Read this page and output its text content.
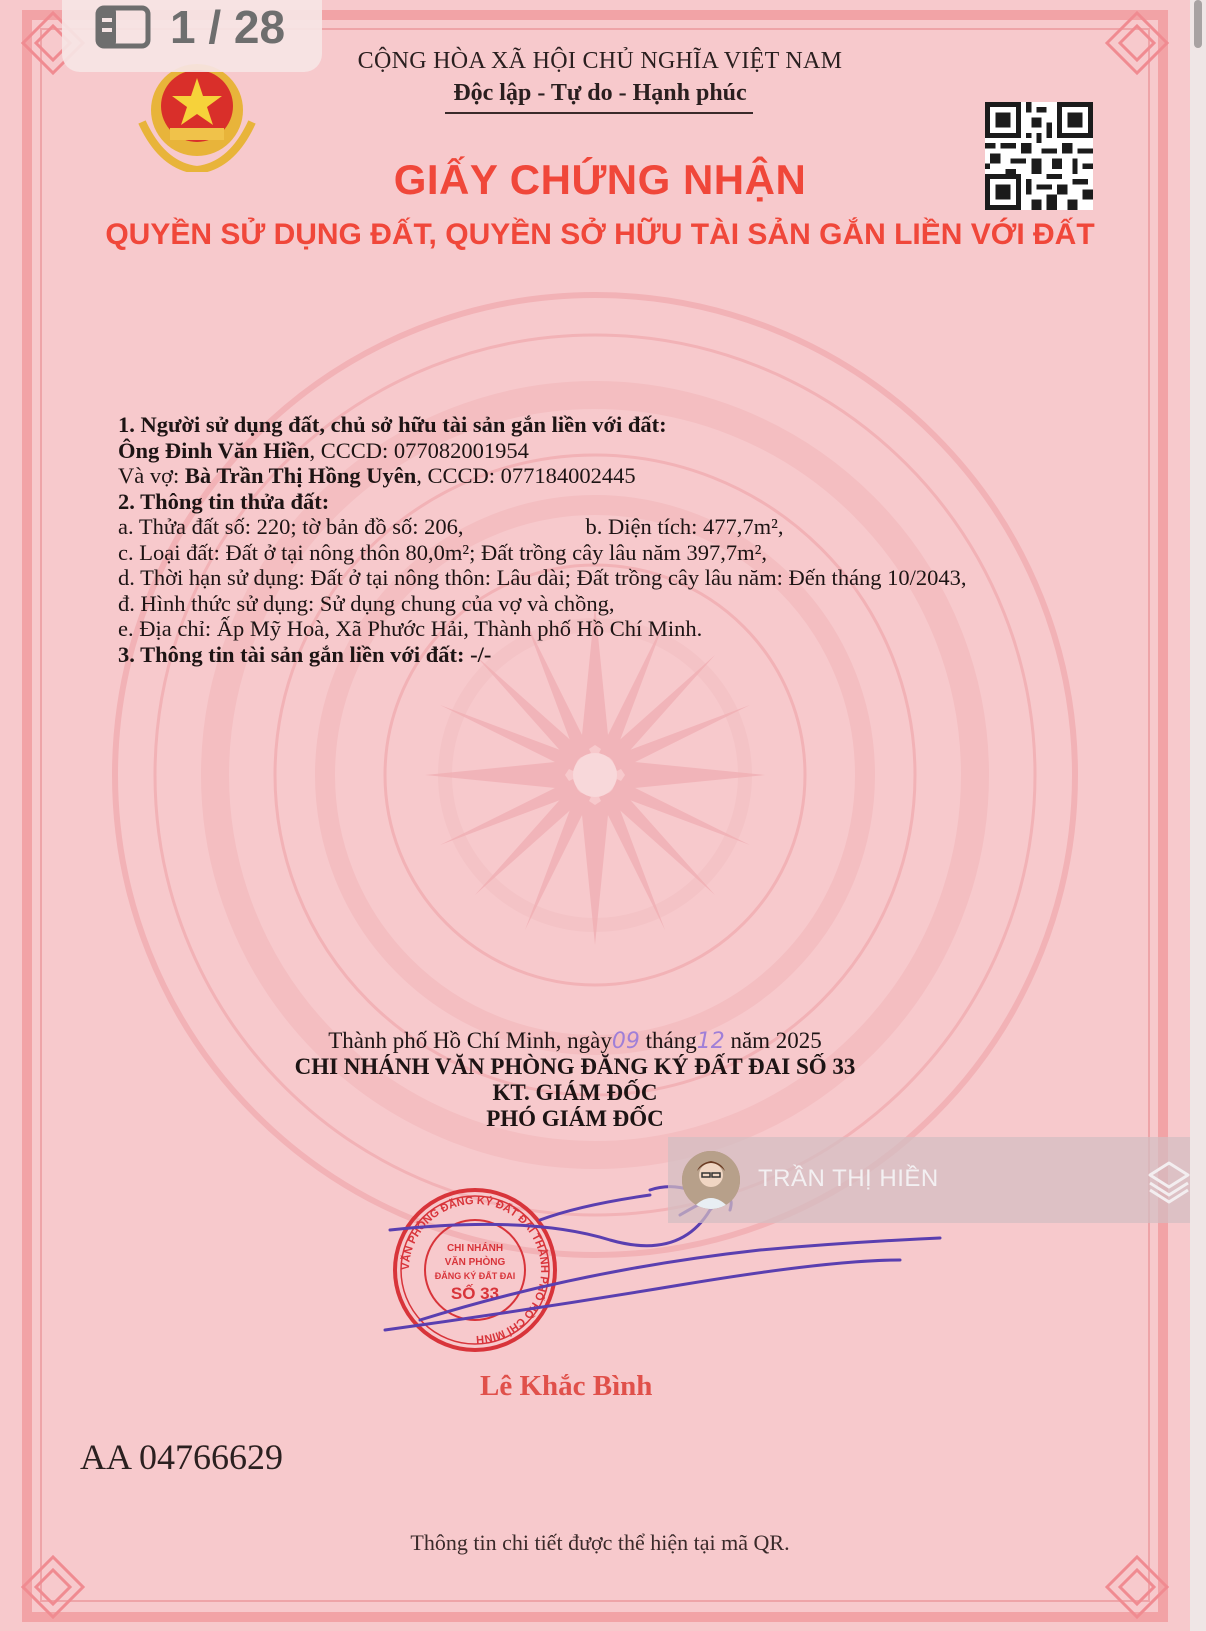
CỘNG HÒA XÃ HỘI CHỦ NGHĨA VIỆT NAM
Độc lập - Tự do - Hạnh phúc
GIẤY CHỨNG NHẬN
QUYỀN SỬ DỤNG ĐẤT, QUYỀN SỞ HỮU TÀI SẢN GẮN LIỀN VỚI ĐẤT
1. Người sử dụng đất, chủ sở hữu tài sản gắn liền với đất:
Ông Đinh Văn Hiền, CCCD: 077082001954
Và vợ: Bà Trần Thị Hồng Uyên, CCCD: 077184002445
2. Thông tin thửa đất:
a. Thửa đất số: 220; tờ bản đồ số: 206,	b. Diện tích: 477,7m²,
c. Loại đất: Đất ở tại nông thôn 80,0m²; Đất trồng cây lâu năm 397,7m²,
d. Thời hạn sử dụng: Đất ở tại nông thôn: Lâu dài; Đất trồng cây lâu năm: Đến tháng 10/2043,
đ. Hình thức sử dụng: Sử dụng chung của vợ và chồng,
e. Địa chỉ: Ấp Mỹ Hoà, Xã Phước Hải, Thành phố Hồ Chí Minh.
3. Thông tin tài sản gắn liền với đất: -/-
Thành phố Hồ Chí Minh, ngày09 tháng12 năm 2025
CHI NHÁNH VĂN PHÒNG ĐĂNG KÝ ĐẤT ĐAI SỐ 33
KT. GIÁM ĐỐC
PHÓ GIÁM ĐỐC
VĂN PHÒNG ĐĂNG KÝ ĐẤT ĐAI THÀNH PHỐ HỒ CHÍ MINH
CHI NHÁNH
VĂN PHÒNG
ĐĂNG KÝ ĐẤT ĐAI
SỐ 33
Lê Khắc Bình
AA 04766629
Thông tin chi tiết được thể hiện tại mã QR.
1 / 28
TRẦN THỊ HIỀN
